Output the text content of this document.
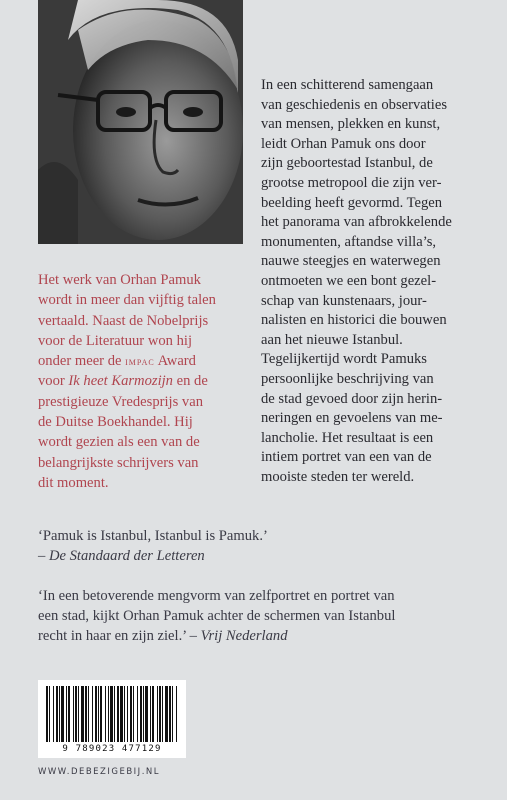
In een schitterend samengaan

van geschiedenis en observaties

van mensen, plekken en kunst,

leidt Orhan Pamuk ons door

zijn geboortestad Istanbul, de

grootse metropool die zijn ver-

beelding heeft gevormd. Tegen

het panorama van afbrokkelende

monumenten, aftandse villa’s,

nauwe steegjes en waterwegen

ontmoeten we een bont gezel-

schap van kunstenaars, jour-

nalisten en historici die bouwen

aan het nieuwe Istanbul.

Tegelijkertijd wordt Pamuks

persoonlijke beschrijving van

de stad gevoed door zijn herin-

neringen en gevoelens van me-

lancholie. Het resultaat is een

intiem portret van een van de

mooiste steden ter wereld.

Het werk van Orhan Pamuk

wordt in meer dan vijftig talen

vertaald. Naast de Nobelprijs

voor de Literatuur won hij

onder meer de impac Award

voor Ik heet Karmozijn en de

prestigieuze Vredesprijs van

de Duitse Boekhandel. Hij

wordt gezien als een van de

belangrijkste schrijvers van

dit moment.

‘Pamuk is Istanbul, Istanbul is Pamuk.’

– De Standaard der Letteren

‘In een betoverende mengvorm van zelfportret en portret van

een stad, kijkt Orhan Pamuk achter de schermen van Istanbul

recht in haar en zijn ziel.’ – Vrij Nederland

9 789023 477129
WWW.DEBEZIGEBIJ.NL
